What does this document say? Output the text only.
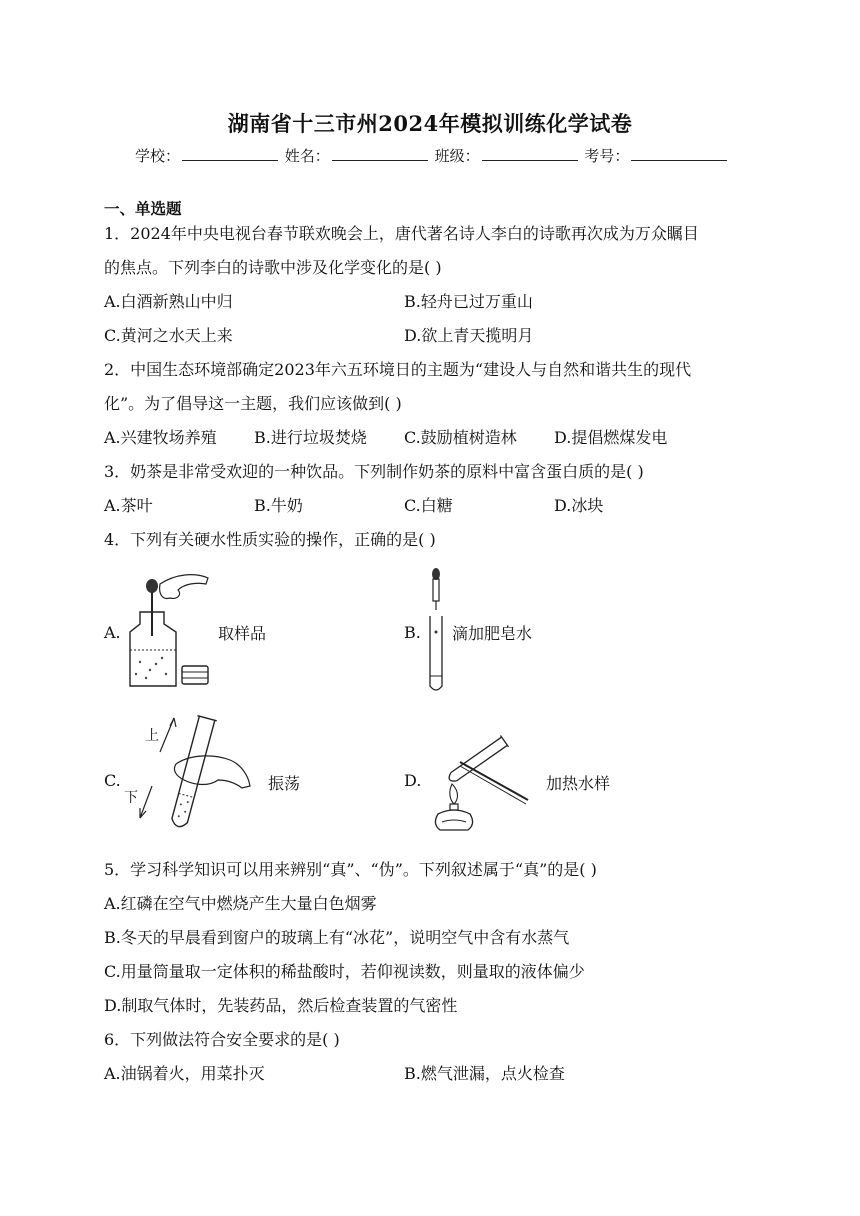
湖南省十三市州2024年模拟训练化学试卷
学校：	姓名：	班级：	考号：
一、单选题
1．2024年中央电视台春节联欢晚会上，唐代著名诗人李白的诗歌再次成为万众瞩目
的焦点。下列李白的诗歌中涉及化学变化的是( )
A.白酒新熟山中归	B.轻舟已过万重山
C.黄河之水天上来	D.欲上青天揽明月
2．中国生态环境部确定2023年六五环境日的主题为“建设人与自然和谐共生的现代
化”。为了倡导这一主题，我们应该做到( )
A.兴建牧场养殖 B.进行垃圾焚烧 C.鼓励植树造林 D.提倡燃煤发电
3．奶茶是非常受欢迎的一种饮品。下列制作奶茶的原料中富含蛋白质的是( )
A.茶叶	B.牛奶	C.白糖	D.冰块
4．下列有关硬水性质实验的操作，正确的是( )
A.	取样品	B. 滴加肥皂水
C.
上
下
振荡	D.	加热水样
5．学习科学知识可以用来辨别“真”、“伪”。下列叙述属于“真”的是( )
A.红磷在空气中燃烧产生大量白色烟雾
B.冬天的早晨看到窗户的玻璃上有“冰花”，说明空气中含有水蒸气
C.用量筒量取一定体积的稀盐酸时，若仰视读数，则量取的液体偏少
D.制取气体时，先装药品，然后检查装置的气密性
6．下列做法符合安全要求的是( )
A.油锅着火，用菜扑灭	B.燃气泄漏，点火检查
